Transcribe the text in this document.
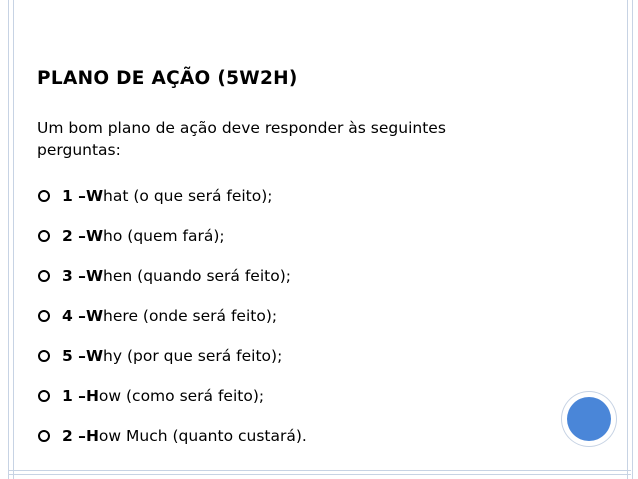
PLANO DE AÇÃO (5W2H)
Um bom plano de ação deve responder às seguintes perguntas:
1 – W hat (o que será feito);
2 – W ho (quem fará);
3 – W hen (quando será feito);
4 – W here (onde será feito);
5 – W hy (por que será feito);
1 – H ow (como será feito);
2 – H ow Much (quanto custará).
